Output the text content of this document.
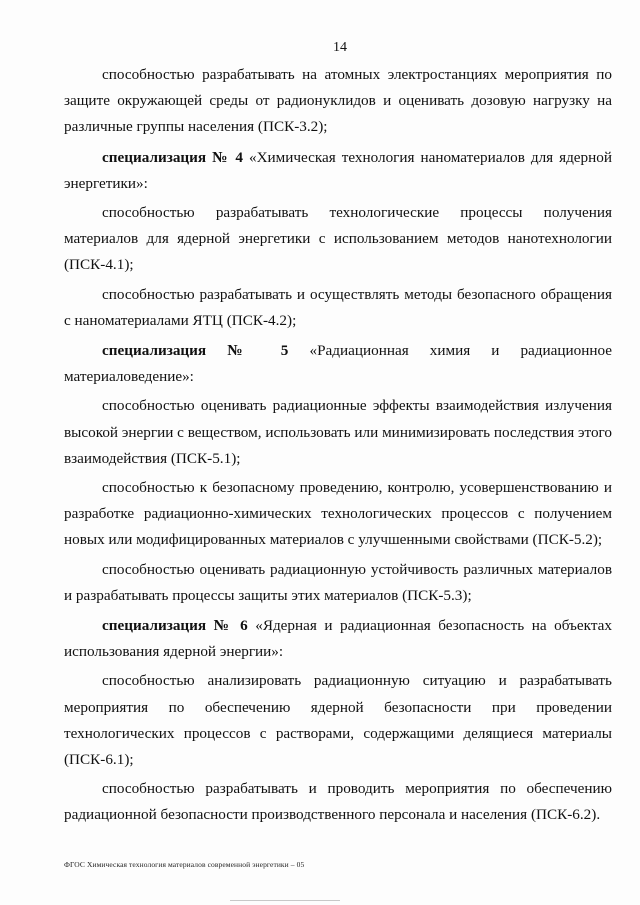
14

способностью разрабатывать на атомных электростанциях мероприятия по защите окружающей среды от радионуклидов и оценивать дозовую нагрузку на различные группы населения (ПСК-3.2);

специализация № 4 «Химическая технология наноматериалов для ядерной энергетики»:

способностью разрабатывать технологические процессы получения материалов для ядерной энергетики с использованием методов нанотехнологии (ПСК-4.1);

способностью разрабатывать и осуществлять методы безопасного обращения с наноматериалами ЯТЦ (ПСК-4.2);

специализация № 5 «Радиационная химия и радиационное материаловедение»:

способностью оценивать радиационные эффекты взаимодействия излучения высокой энергии с веществом, использовать или минимизировать последствия этого взаимодействия (ПСК-5.1);

способностью к безопасному проведению, контролю, усовершенствованию и разработке радиационно-химических технологических процессов с получением новых или модифицированных материалов с улучшенными свойствами (ПСК-5.2);

способностью оценивать радиационную устойчивость различных материалов и разрабатывать процессы защиты этих материалов (ПСК-5.3);

специализация № 6 «Ядерная и радиационная безопасность на объектах использования ядерной энергии»:

способностью анализировать радиационную ситуацию и разрабатывать мероприятия по обеспечению ядерной безопасности при проведении технологических процессов с растворами, содержащими делящиеся материалы (ПСК-6.1);

способностью разрабатывать и проводить мероприятия по обеспечению радиационной безопасности производственного персонала и населения (ПСК-6.2).

ФГОС Химическая технология материалов современной энергетики – 05
